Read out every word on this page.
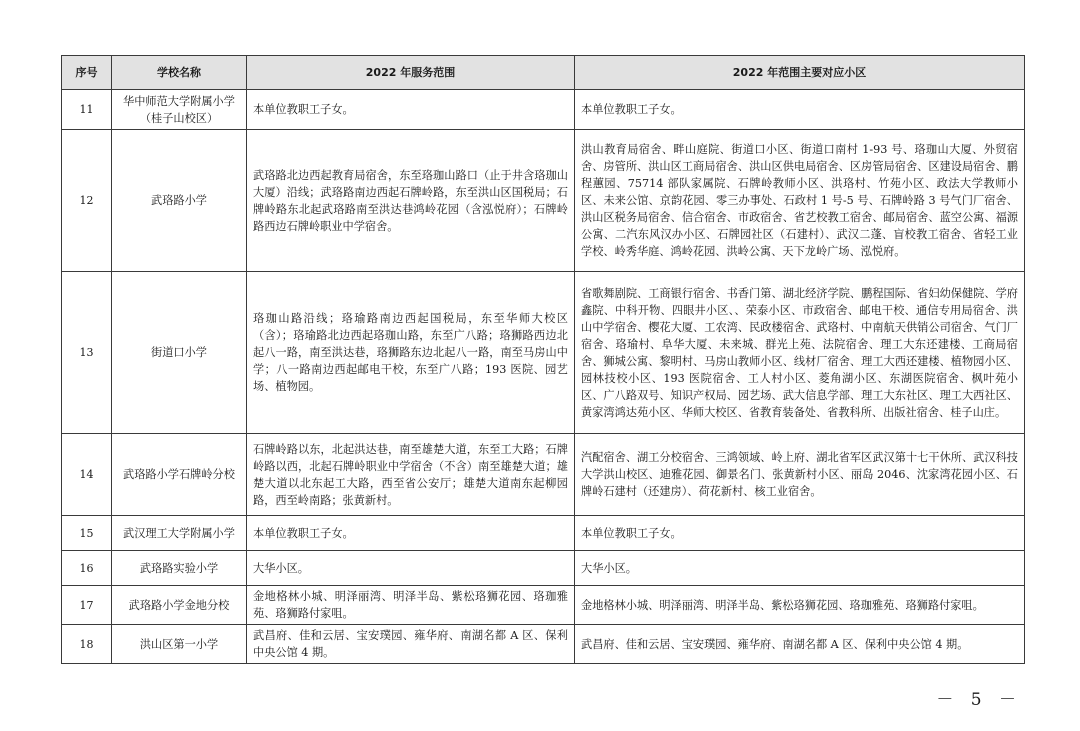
序号	学校名称	2022 年服务范围	2022 年范围主要对应小区
11	华中师范大学附属小学（桂子山校区）	本单位教职工子女。	本单位教职工子女。
12	武珞路小学	武珞路北边西起教育局宿舍，东至珞珈山路口（止于井含珞珈山大厦）沿线；武珞路南边西起石牌岭路，东至洪山区国税局；石牌岭路东北起武珞路南至洪达巷鸿岭花园（含泓悦府）；石牌岭路西边石牌岭职业中学宿舍。	洪山教育局宿舍、畔山庭院、街道口小区、街道口南村 1-93 号、珞珈山大厦、外贸宿舍、房管所、洪山区工商局宿舍、洪山区供电局宿舍、区房管局宿舍、区建设局宿舍、鹏程蕙园、75714 部队家属院、石牌岭教师小区、洪珞村、竹苑小区、政法大学教师小区、未来公馆、京韵花园、零三办事处、石政村 1 号-5 号、石牌岭路 3 号气门厂宿舍、洪山区税务局宿舍、信合宿舍、市政宿舍、省艺校教工宿舍、邮局宿舍、蓝空公寓、福源公寓、二汽东风汉办小区、石牌园社区（石建村）、武汉二蓬、盲校教工宿舍、省轻工业学校、岭秀华庭、鸿岭花园、洪岭公寓、天下龙岭广场、泓悦府。
13	街道口小学	珞珈山路沿线；珞瑜路南边西起国税局，东至华师大校区（含）；珞瑜路北边西起珞珈山路，东至广八路；珞狮路西边北起八一路，南至洪达巷，珞狮路东边北起八一路，南至马房山中学；八一路南边西起邮电干校，东至广八路；193 医院、园艺场、植物园。	省歌舞剧院、工商银行宿舍、书香门第、湖北经济学院、鹏程国际、省妇幼保健院、学府鑫院、中科开物、四眼井小区、、荣泰小区、市政宿舍、邮电干校、通信专用局宿舍、洪山中学宿舍、樱花大厦、工农湾、民政楼宿舍、武珞村、中南航天供销公司宿舍、气门厂宿舍、珞瑜村、阜华大厦、未来城、群光上苑、法院宿舍、理工大东还建楼、工商局宿舍、狮城公寓、黎明村、马房山教师小区、线材厂宿舍、理工大西还建楼、植物园小区、园林技校小区、193 医院宿舍、工人村小区、菱角湖小区、东湖医院宿舍、枫叶苑小区、广八路双号、知识产权局、园艺场、武大信息学部、理工大东社区、理工大西社区、黄家湾鸿达苑小区、华师大校区、省教育装备处、省教科所、出版社宿舍、桂子山庄。
14	武珞路小学石牌岭分校	石牌岭路以东，北起洪达巷，南至雄楚大道，东至工大路；石牌岭路以西，北起石牌岭职业中学宿舍（不含）南至雄楚大道；雄楚大道以北东起工大路，西至省公安厅；雄楚大道南东起柳园路，西至岭南路；张黄新村。	汽配宿舍、湖工分校宿舍、三鸿领域、岭上府、湖北省军区武汉第十七干休所、武汉科技大学洪山校区、迪雅花园、御景名门、张黄新村小区、丽岛 2046、沈家湾花园小区、石牌岭石建村（还建房）、荷花新村、核工业宿舍。
15	武汉理工大学附属小学	本单位教职工子女。	本单位教职工子女。
16	武珞路实验小学	大华小区。	大华小区。
17	武珞路小学金地分校	金地格林小城、明泽丽湾、明泽半岛、紫松珞狮花园、珞珈雅苑、珞狮路付家咀。	金地格林小城、明泽丽湾、明泽半岛、紫松珞狮花园、珞珈雅苑、珞狮路付家咀。
18	洪山区第一小学	武昌府、佳和云居、宝安璞园、雍华府、南湖名都 A 区、保利中央公馆 4 期。	武昌府、佳和云居、宝安璞园、雍华府、南湖名都 A 区、保利中央公馆 4 期。
－ 5 －
